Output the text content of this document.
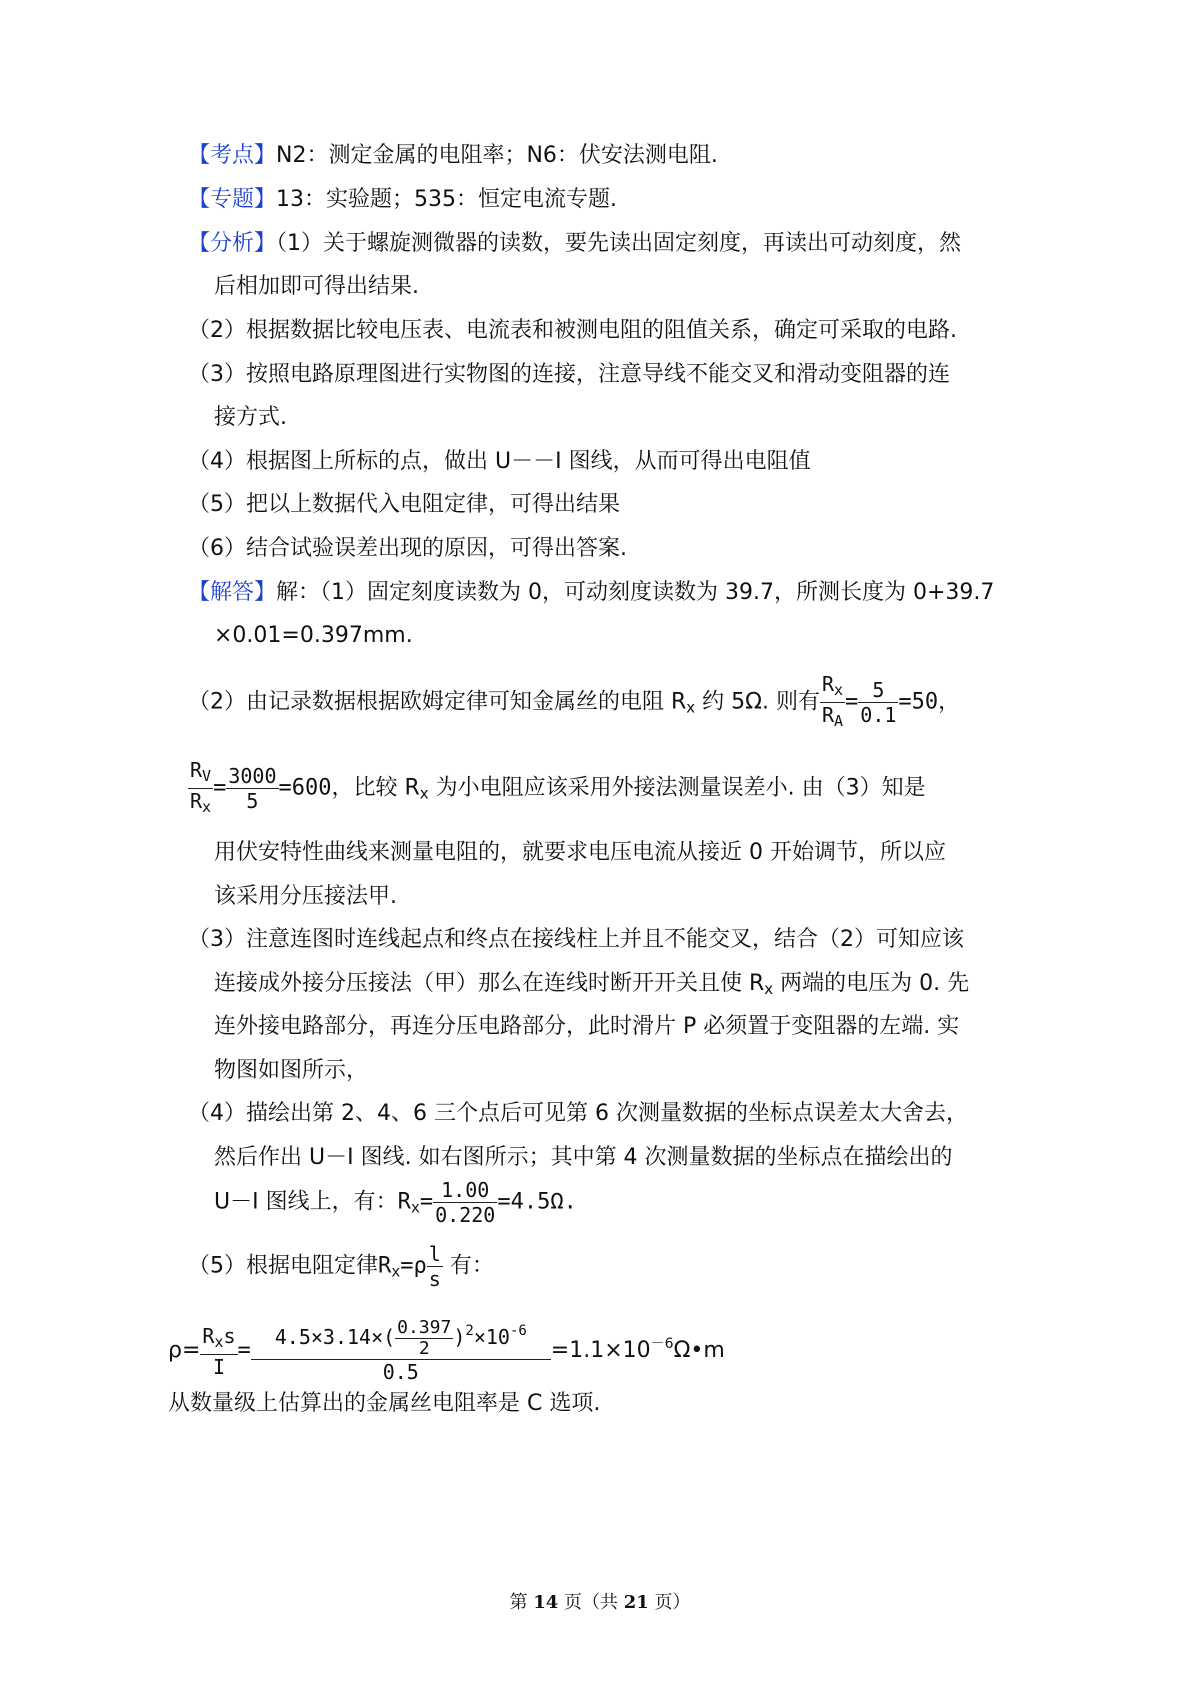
【考点】N2：测定金属的电阻率；N6：伏安法测电阻.
【专题】13：实验题；535：恒定电流专题.
【分析】（1）关于螺旋测微器的读数，要先读出固定刻度，再读出可动刻度，然
后相加即可得出结果.
（2）根据数据比较电压表、电流表和被测电阻的阻值关系，确定可采取的电路.
（3）按照电路原理图进行实物图的连接，注意导线不能交叉和滑动变阻器的连
接方式.
（4）根据图上所标的点，做出 U－－I 图线，从而可得出电阻值
（5）把以上数据代入电阻定律，可得出结果
（6）结合试验误差出现的原因，可得出答案.
【解答】解：（1）固定刻度读数为 0，可动刻度读数为 39.7，所测长度为 0+39.7
×0.01=0.397mm.
（2）由记录数据根据欧姆定律可知金属丝的电阻 $R_x$ 约 5Ω. 则有 $\frac{R_x}{R_A} = \frac{5}{0.1} =50$，
$\frac{R_V}{R_x} = \frac{3000}{5} =600$，比较 $R_x$ 为小电阻应该采用外接法测量误差小. 由（3）知是
用伏安特性曲线来测量电阻的，就要求电压电流从接近 0 开始调节，所以应
该采用分压接法甲.
（3）注意连图时连线起点和终点在接线柱上并且不能交叉，结合（2）可知应该
连接成外接分压接法（甲）那么在连线时断开开关且使 $R_x$ 两端的电压为 0. 先
连外接电路部分，再连分压电路部分，此时滑片 P 必须置于变阻器的左端. 实
物图如图所示，
（4）描绘出第 2、4、6 三个点后可见第 6 次测量数据的坐标点误差太大舍去，
然后作出 U－I 图线. 如右图所示；其中第 4 次测量数据的坐标点在描绘出的
U－I 图线上，有：$R_x= \frac{1.00}{0.220} =4.5\Omega$.
（5）根据电阻定律$R_x=\rho \frac{l}{s}$ 有：
$\rho= \frac{R_xs}{I} = \frac{4.5\times 3.14\times( \frac{0.397}{2} )^2\times 10^{-6}}{0.5}$ $=1.1\times 10^{-6}\Omega•m$
从数量级上估算出的金属丝电阻率是 C 选项.
第 14 页（共 21 页）
